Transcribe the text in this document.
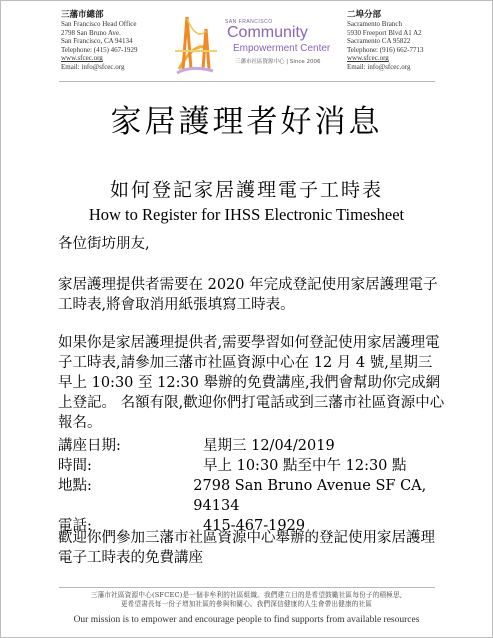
三藩市總部
San Francisco Head Office
2798 San Bruno Ave.
San Francisco, CA 94134
Telephone: (415) 467-1929
www.sfcec.org
Email: info@sfcec.org
SAN FRANCISCO
Community
Empowerment Center
三藩市社區資源中心 | Since 2006
二埠分部
Sacramento Branch
5930 Freeport Blvd A1 A2
Sacramento CA 95822
Telephone: (916) 662-7713
www.sfcec.org
Email: info@sfcec.org
家居護理者好消息
如何登記家居護理電子工時表
How to Register for IHSS Electronic Timesheet
各位街坊朋友,
家居護理提供者需要在 2020 年完成登記使用家居護理電子工時表,將會取消用紙張填寫工時表。
如果你是家居護理提供者,需要學習如何登記使用家居護理電子工時表,請參加三藩市社區資源中心在 12 月 4 號,星期三早上 10:30 至 12:30 舉辦的免費講座,我們會幫助你完成網上登記。 名額有限,歡迎你們打電話或到三藩市社區資源中心報名。
講座日期:	星期三 12/04/2019
時間:	早上 10:30 點至中午 12:30 點
地點:	2798 San Bruno Avenue SF CA, 94134
電話:	415-467-1929
歡迎你們參加三藩市社區資源中心舉辦的登記使用家居護理電子工時表的免費講座
三藩市社區資源中心(SFCEC)是一個非牟利的社區組織。我們建立目的是希望鼓勵社區每份子的積極思,
更希望書長每一份子增加社區的參與和關心。我們深信健康的人生會帶出健康的社區
Our mission is to empower and encourage people to find supports from available resources
